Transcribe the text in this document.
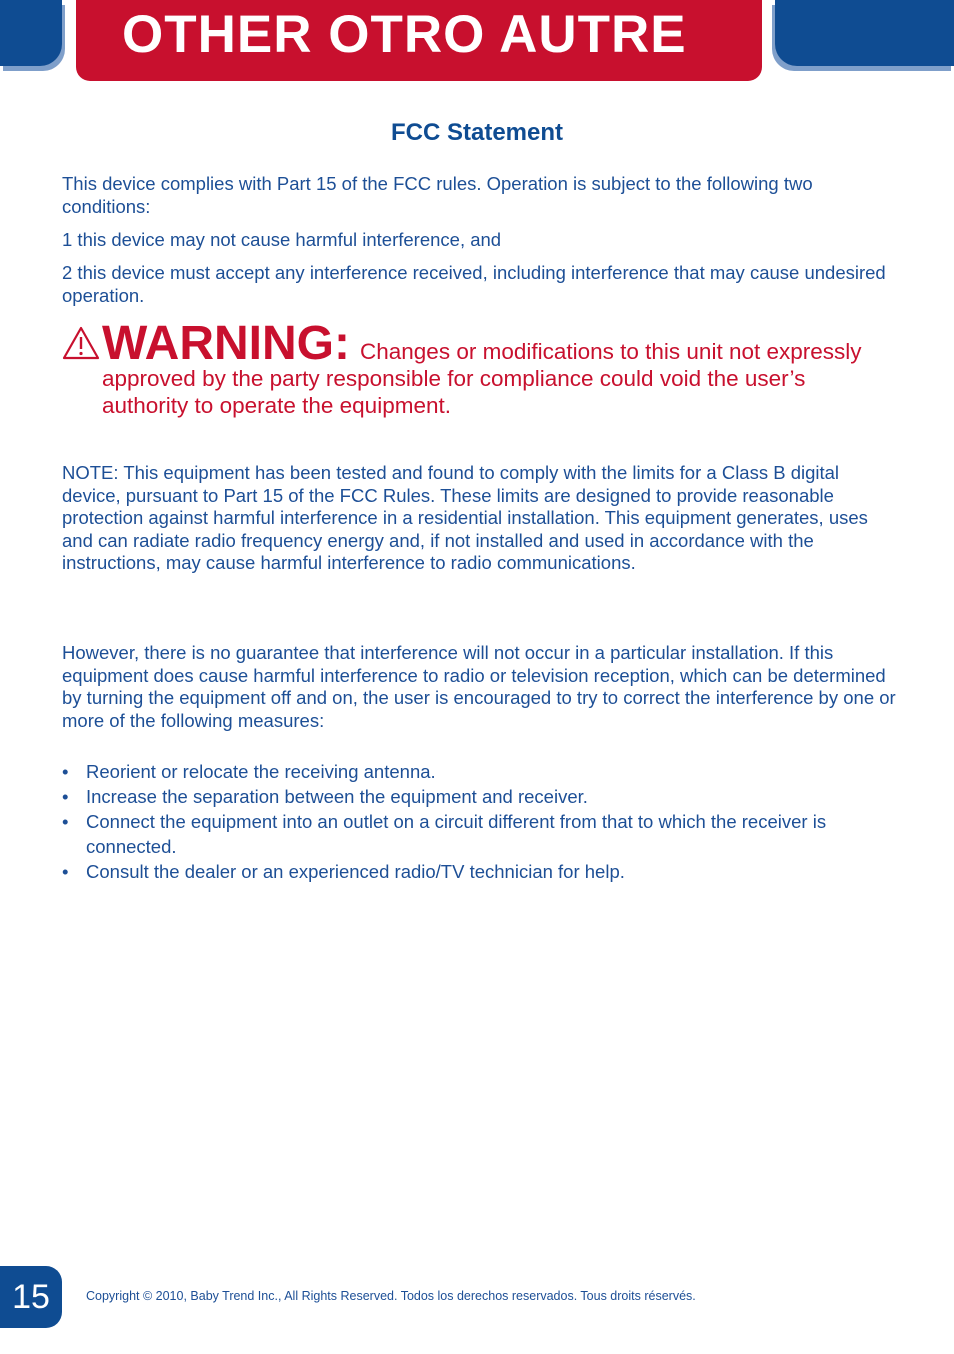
OTHER OTRO AUTRE
FCC Statement
This device complies with Part 15 of the FCC rules. Operation is subject to the following two conditions:
1 this device may not cause harmful interference, and
2 this device must accept any interference received, including interference that may cause undesired operation.
WARNING: Changes or modifications to this unit not expressly approved by the party responsible for compliance could void the user’s authority to operate the equipment.
NOTE: This equipment has been tested and found to comply with the limits for a Class B digital device, pursuant to Part 15 of the FCC Rules. These limits are designed to provide reasonable protection against harmful interference in a residential installation. This equipment generates, uses and can radiate radio frequency energy and, if not installed and used in accordance with the instructions, may cause harmful interference to radio communications.
However, there is no guarantee that interference will not occur in a particular installation. If this equipment does cause harmful interference to radio or television reception, which can be determined by turning the equipment off and on, the user is encouraged to try to correct the interference by one or more of the following measures:
• Reorient or relocate the receiving antenna.
• Increase the separation between the equipment and receiver.
• Connect the equipment into an outlet on a circuit different from that to which the receiver is connected.
• Consult the dealer or an experienced radio/TV technician for help.
15	Copyright © 2010, Baby Trend Inc., All Rights Reserved. Todos los derechos reservados. Tous droits réservés.
